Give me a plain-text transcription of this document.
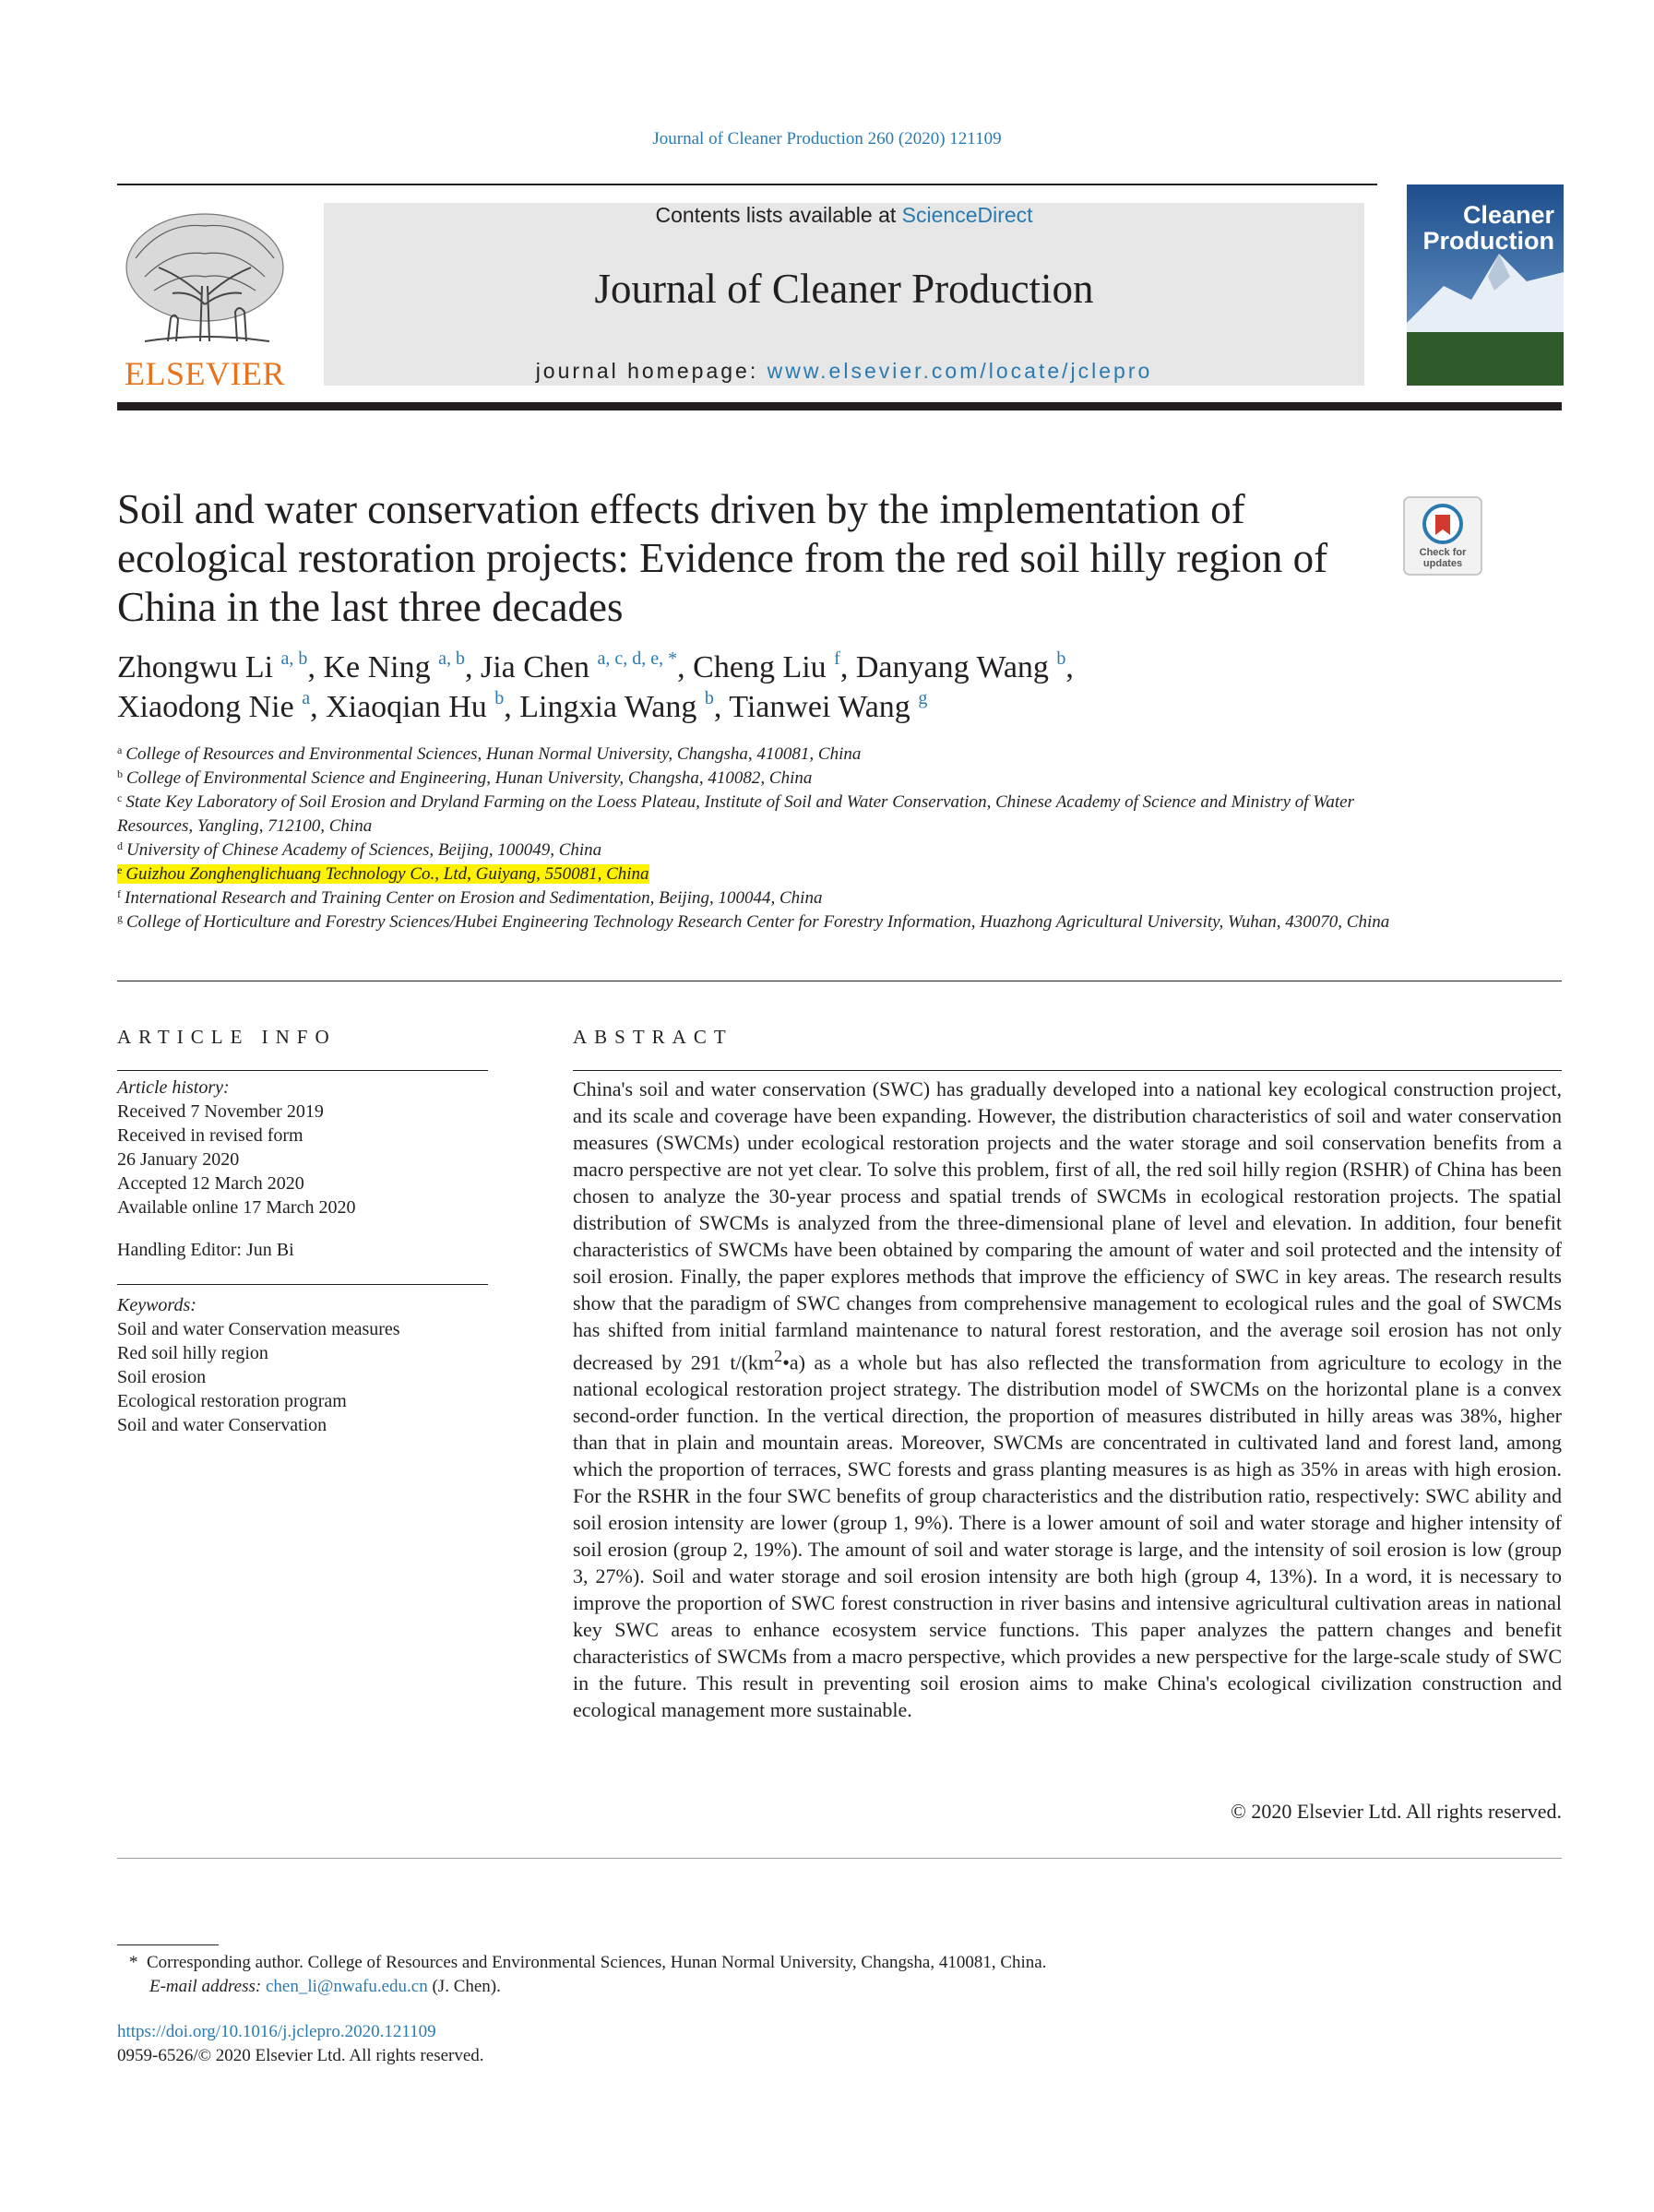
Journal of Cleaner Production 260 (2020) 121109
ELSEVIER
Contents lists available at ScienceDirect
Journal of Cleaner Production
journal homepage: www.elsevier.com/locate/jclepro
Cleaner
Production
Soil and water conservation effects driven by the implementation of ecological restoration projects: Evidence from the red soil hilly region of China in the last three decades
Check for
updates
Zhongwu Li $^{a, b}$, Ke Ning $^{a, b}$, Jia Chen $^{a, c, d, e, *}$, Cheng Liu $^f$, Danyang Wang $^b$,
Xiaodong Nie $^a$, Xiaoqian Hu $^b$, Lingxia Wang $^b$, Tianwei Wang $^g$
$^a$ College of Resources and Environmental Sciences, Hunan Normal University, Changsha, 410081, China
$^b$ College of Environmental Science and Engineering, Hunan University, Changsha, 410082, China
$^c$ State Key Laboratory of Soil Erosion and Dryland Farming on the Loess Plateau, Institute of Soil and Water Conservation, Chinese Academy of Science and Ministry of Water Resources, Yangling, 712100, China
$^d$ University of Chinese Academy of Sciences, Beijing, 100049, China
$^e$ Guizhou Zonghenglichuang Technology Co., Ltd, Guiyang, 550081, China
$^f$ International Research and Training Center on Erosion and Sedimentation, Beijing, 100044, China
$^g$ College of Horticulture and Forestry Sciences/Hubei Engineering Technology Research Center for Forestry Information, Huazhong Agricultural University, Wuhan, 430070, China
ARTICLE INFO
Article history:
Received 7 November 2019
Received in revised form
26 January 2020
Accepted 12 March 2020
Available online 17 March 2020
Handling Editor: Jun Bi
Keywords:
Soil and water Conservation measures
Red soil hilly region
Soil erosion
Ecological restoration program
Soil and water Conservation
ABSTRACT
China's soil and water conservation (SWC) has gradually developed into a national key ecological construction project, and its scale and coverage have been expanding. However, the distribution characteristics of soil and water conservation measures (SWCMs) under ecological restoration projects and the water storage and soil conservation benefits from a macro perspective are not yet clear. To solve this problem, first of all, the red soil hilly region (RSHR) of China has been chosen to analyze the 30-year process and spatial trends of SWCMs in ecological restoration projects. The spatial distribution of SWCMs is analyzed from the three-dimensional plane of level and elevation. In addition, four benefit characteristics of SWCMs have been obtained by comparing the amount of water and soil protected and the intensity of soil erosion. Finally, the paper explores methods that improve the efficiency of SWC in key areas. The research results show that the paradigm of SWC changes from comprehensive management to ecological rules and the goal of SWCMs has shifted from initial farmland maintenance to natural forest restoration, and the average soil erosion has not only decreased by 291 $t/(km^2•a)$ as a whole but has also reflected the transformation from agriculture to ecology in the national ecological restoration project strategy. The distribution model of SWCMs on the horizontal plane is a convex second-order function. In the vertical direction, the proportion of measures distributed in hilly areas was 38%, higher than that in plain and mountain areas. Moreover, SWCMs are concentrated in cultivated land and forest land, among which the proportion of terraces, SWC forests and grass planting measures is as high as 35% in areas with high erosion. For the RSHR in the four SWC benefits of group characteristics and the distribution ratio, respectively: SWC ability and soil erosion intensity are lower (group 1, 9%). There is a lower amount of soil and water storage and higher intensity of soil erosion (group 2, 19%). The amount of soil and water storage is large, and the intensity of soil erosion is low (group 3, 27%). Soil and water storage and soil erosion intensity are both high (group 4, 13%). In a word, it is necessary to improve the proportion of SWC forest construction in river basins and intensive agricultural cultivation areas in national key SWC areas to enhance ecosystem service functions. This paper analyzes the pattern changes and benefit characteristics of SWCMs from a macro perspective, which provides a new perspective for the large-scale study of SWC in the future. This result in preventing soil erosion aims to make China's ecological civilization construction and ecological management more sustainable.
© 2020 Elsevier Ltd. All rights reserved.
* Corresponding author. College of Resources and Environmental Sciences, Hunan Normal University, Changsha, 410081, China.
E-mail address: chen_li@nwafu.edu.cn (J. Chen).
https://doi.org/10.1016/j.jclepro.2020.121109
0959-6526/© 2020 Elsevier Ltd. All rights reserved.
